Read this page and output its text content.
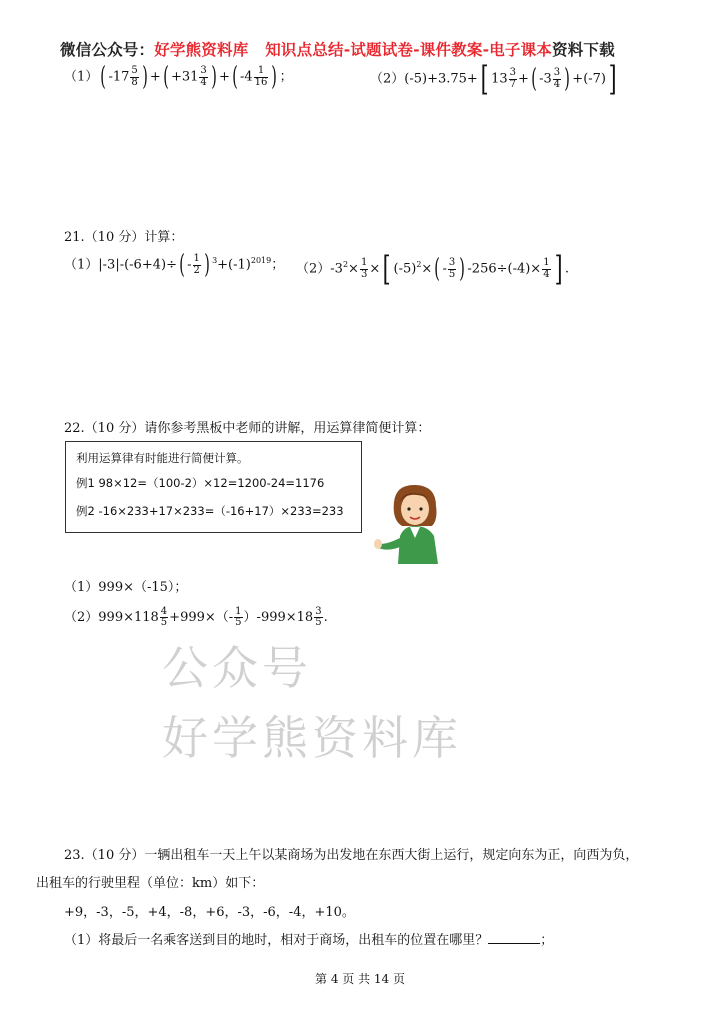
微信公众号：好学熊资料库 知识点总结-试题试卷-课件教案-电子课本资料下载
（1）( $-17 \frac{5}{8}$ ) +( $+31 \frac{3}{4}$ ) +( $-4 \frac{1}{16}$ ) ；	（2）(-5)+3.75+[ $13 \frac{3}{7}$ +( $-3 \frac{3}{4}$ ) +(-7)]
21.（10 分）计算：
$(1)|-3|-(-6+4)\div( - \frac{1}{2}$ ) $^3+(-1)^{2019}$； $(2)-3^2\times \frac{1}{3}$ ×[ $(-5)^2\times( - \frac{3}{5}$ ) $-256\div(-4)\times \frac{1}{4}$ ] .
22.（10 分）请你参考黑板中老师的讲解，用运算律简便计算：
利用运算律有时能进行简便计算。
例1 98×12=（100-2）×12=1200-24=1176
例2 -16×233+17×233=（-16+17）×233=233
（1）999×（-15）；
$(2)999\times 118 \frac{4}{5} +999\times(- \frac{1}{5} )-999\times 18 \frac{3}{5}$ .
公众号
好学熊资料库
23.（10 分）一辆出租车一天上午以某商场为出发地在东西大街上运行，规定向东为正，向西为负，
出租车的行驶里程（单位：km）如下：
+9，-3，-5，+4，-8，+6，-3，-6，-4，+10。
（1）将最后一名乘客送到目的地时，相对于商场，出租车的位置在哪里？	；
第 4 页 共 14 页
